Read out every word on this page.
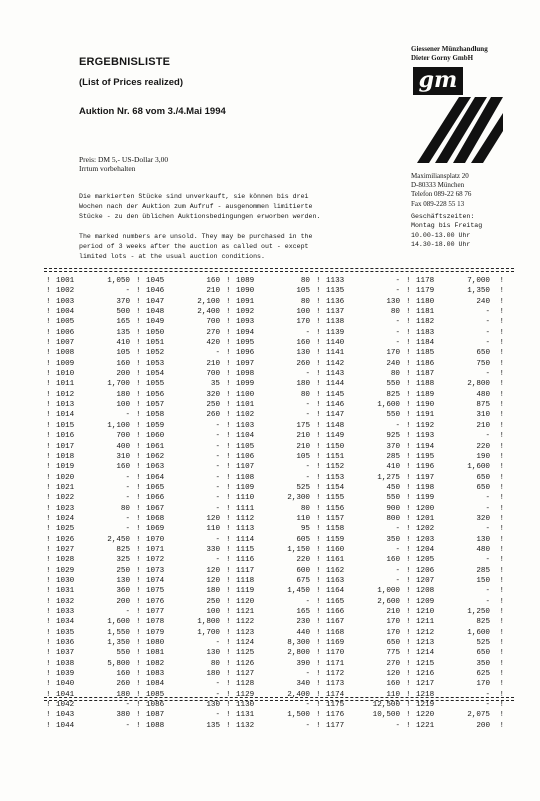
ERGEBNISLISTE
(List of Prices realized)
Auktion Nr. 68 vom 3./4.Mai 1994
Preis: DM 5,- US-Dollar 3,00
Irrtum vorbehalten

Die markierten Stücke sind unverkauft, sie können bis drei
Wochen nach der Auktion zum Aufruf - ausgenommen limitierte
Stücke - zu den üblichen Auktionsbedingungen erworben werden.

The marked numbers are unsold. They may be purchased in the
period of 3 weeks after the auction as called out - except
limited lots - at the usual auction conditions.

Giessener Münzhandlung
Dieter Gorny GmbH
gm
Maximiliansplatz 20
D-80333 München
Telefon 089-22 68 76
Fax 089-228 55 13
Geschäftszeiten:
Montag bis Freitag
10.00-13.00 Uhr
14.30-18.00 Uhr
!
1001	1,050 !	1045	160 !	1089	80 !	1133	- !	1178	7,000
!
!
1002	- !	1046	210 !	1090	105 !	1135	- !	1179	1,350
!
!
1003	370 !	1047	2,100 !	1091	80 !	1136	130 !	1180	240
!
!
1004	500 !	1048	2,400 !	1092	100 !	1137	80 !	1181	-
!
!
1005	165 !	1049	700 !	1093	170 !	1138	- !	1182	-
!
!
1006	135 !	1050	270 !	1094	- !	1139	- !	1183	-
!
!
1007	410 !	1051	420 !	1095	160 !	1140	- !	1184	-
!
!
1008	105 !	1052	- !	1096	130 !	1141	170 !	1185	650
!
!
1009	160 !	1053	210 !	1097	260 !	1142	240 !	1186	750
!
!
1010	200 !	1054	700 !	1098	- !	1143	80 !	1187	-
!
!
1011	1,700 !	1055	35 !	1099	180 !	1144	550 !	1188	2,800
!
!
1012	180 !	1056	320 !	1100	80 !	1145	825 !	1189	480
!
!
1013	100 !	1057	250 !	1101	- !	1146	1,600 !	1190	875
!
!
1014	- !	1058	260 !	1102	- !	1147	550 !	1191	310
!
!
1015	1,100 !	1059	- !	1103	175 !	1148	- !	1192	210
!
!
1016	700 !	1060	- !	1104	210 !	1149	925 !	1193	-
!
!
1017	400 !	1061	- !	1105	210 !	1150	370 !	1194	220
!
!
1018	310 !	1062	- !	1106	105 !	1151	285 !	1195	190
!
!
1019	160 !	1063	- !	1107	- !	1152	410 !	1196	1,600
!
!
1020	- !	1064	- !	1108	- !	1153	1,275 !	1197	650
!
!
1021	- !	1065	- !	1109	525 !	1154	450 !	1198	650
!
!
1022	- !	1066	- !	1110	2,300 !	1155	550 !	1199	-
!
!
1023	80 !	1067	- !	1111	80 !	1156	900 !	1200	-
!
!
1024	- !	1068	120 !	1112	110 !	1157	800 !	1201	320
!
!
1025	- !	1069	110 !	1113	95 !	1158	- !	1202	-
!
!
1026	2,450 !	1070	- !	1114	605 !	1159	350 !	1203	130
!
!
1027	825 !	1071	330 !	1115	1,150 !	1160	- !	1204	480
!
!
1028	325 !	1072	- !	1116	220 !	1161	160 !	1205	-
!
!
1029	250 !	1073	120 !	1117	600 !	1162	- !	1206	285
!
!
1030	130 !	1074	120 !	1118	675 !	1163	- !	1207	150
!
!
1031	360 !	1075	180 !	1119	1,450 !	1164	1,000 !	1208	-
!
!
1032	200 !	1076	250 !	1120	- !	1165	2,600 !	1209	-
!
!
1033	- !	1077	100 !	1121	165 !	1166	210 !	1210	1,250
!
!
1034	1,600 !	1078	1,800 !	1122	230 !	1167	170 !	1211	825
!
!
1035	1,550 !	1079	1,700 !	1123	440 !	1168	170 !	1212	1,600
!
!
1036	1,350 !	1080	- !	1124	8,300 !	1169	650 !	1213	525
!
!
1037	550 !	1081	130 !	1125	2,800 !	1170	775 !	1214	650
!
!
1038	5,800 !	1082	80 !	1126	390 !	1171	270 !	1215	350
!
!
1039	160 !	1083	180 !	1127	- !	1172	120 !	1216	625
!
!
1040	260 !	1084	- !	1128	340 !	1173	160 !	1217	170
!
!
1041	180 !	1085	- !	1129	2,400 !	1174	110 !	1218	-
!
!
1042	- !	1086	130 !	1130	- !	1175	12,500 !	1219	-
!
!
1043	380 !	1087	- !	1131	1,500 !	1176	10,500 !	1220	2,075
!
!
1044	- !	1088	135 !	1132	- !	1177	- !	1221	200
!
